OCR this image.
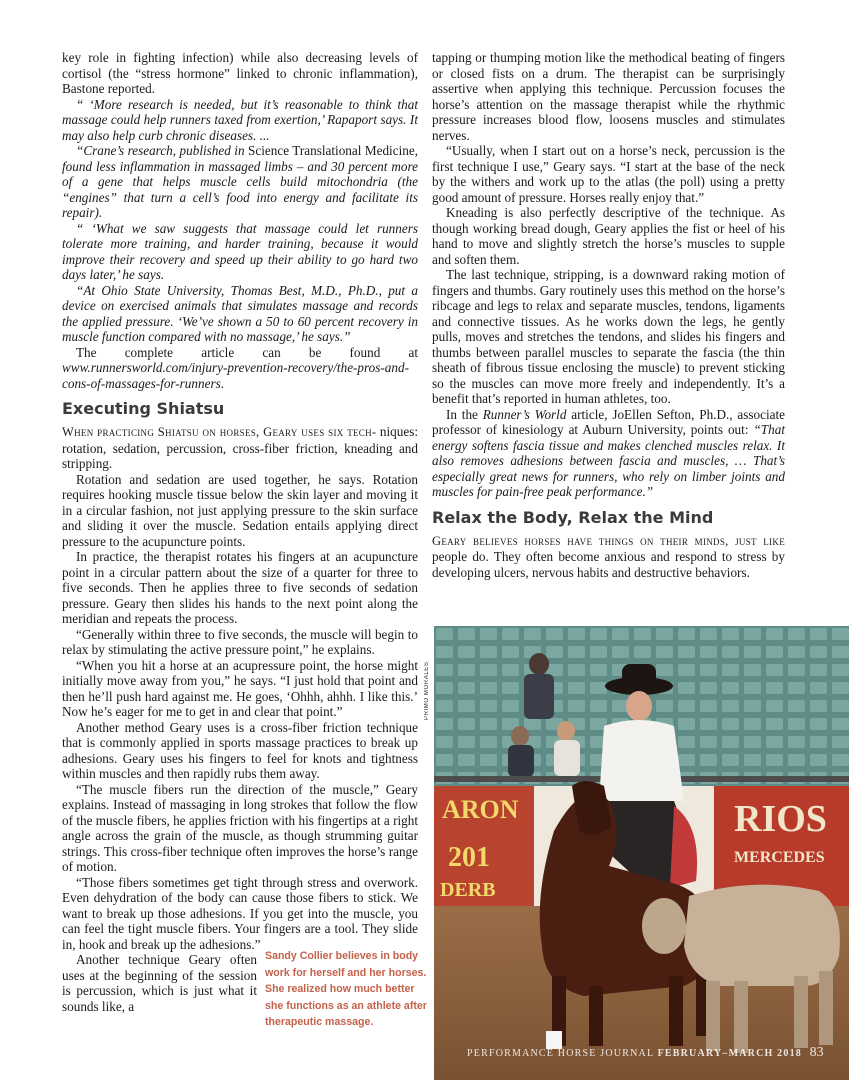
key role in fighting infection) while also decreasing levels of cortisol (the “stress hormone” linked to chronic inflammation), Bastone reported.

“ ‘More research is needed, but it’s reasonable to think that massage could help runners taxed from exertion,’ Rapaport says. It may also help curb chronic diseases. ...

“Crane’s research, published in Science Translational Medicine, found less inflammation in massaged limbs – and 30 percent more of a gene that helps muscle cells build mitochondria (the “engines” that turn a cell’s food into energy and facilitate its repair).

“ ‘What we saw suggests that massage could let runners tolerate more training, and harder training, because it would improve their recovery and speed up their ability to go hard two days later,’ he says.

“At Ohio State University, Thomas Best, M.D., Ph.D., put a device on exercised animals that simulates massage and records the applied pressure. ‘We’ve shown a 50 to 60 percent recovery in muscle function compared with no massage,’ he says.”

The complete article can be found at www.runnersworld.com/injury-prevention-recovery/the-pros-and-cons-of-massages-for-runners.

Executing Shiatsu

When practicing Shiatsu on horses, Geary uses six tech- niques: rotation, sedation, percussion, cross-fiber friction, kneading and stripping.

Rotation and sedation are used together, he says. Rotation requires hooking muscle tissue below the skin layer and moving it in a circular fashion, not just applying pressure to the skin surface and sliding it over the muscle. Sedation entails applying direct pressure to the acupuncture points.

In practice, the therapist rotates his fingers at an acupuncture point in a circular pattern about the size of a quarter for three to five seconds. Then he applies three to five seconds of sedation pressure. Geary then slides his hands to the next point along the meridian and repeats the process.

“Generally within three to five seconds, the muscle will begin to relax by stimulating the active pressure point,” he explains.

“When you hit a horse at an acupressure point, the horse might initially move away from you,” he says. “I just hold that point and then he’ll push hard against me. He goes, ‘Ohhh, ahhh. I like this.’ Now he’s eager for me to get in and clear that point.”

Another method Geary uses is a cross-fiber friction technique that is commonly applied in sports massage practices to break up adhesions. Geary uses his fingers to feel for knots and tightness within muscles and then rapidly rubs them away.

“The muscle fibers run the direction of the muscle,” Geary explains. Instead of massaging in long strokes that follow the flow of the muscle fibers, he applies friction with his fingertips at a right angle across the grain of the muscle, as though strumming guitar strings. This cross-fiber technique often improves the horse’s range of motion.

“Those fibers sometimes get tight through stress and overwork. Even dehydration of the body can cause those fibers to stick. We want to break up those adhesions. If you get into the muscle, you can feel the tight muscle fibers. Your fingers are a tool. They slide in, hook and break up the adhesions.”

Another technique Geary often uses at the beginning of the session is percussion, which is just what it sounds like, a

tapping or thumping motion like the methodical beating of fingers or closed fists on a drum. The therapist can be surprisingly assertive when applying this technique. Percussion focuses the horse’s attention on the massage therapist while the rhythmic pressure increases blood flow, loosens muscles and stimulates nerves.

“Usually, when I start out on a horse’s neck, percussion is the first technique I use,” Geary says. “I start at the base of the neck by the withers and work up to the atlas (the poll) using a pretty good amount of pressure. Horses really enjoy that.”

Kneading is also perfectly descriptive of the technique. As though working bread dough, Geary applies the fist or heel of his hand to move and slightly stretch the horse’s muscles to supple and soften them.

The last technique, stripping, is a downward raking motion of fingers and thumbs. Gary routinely uses this method on the horse’s ribcage and legs to relax and separate muscles, tendons, ligaments and connective tissues. As he works down the legs, he gently pulls, moves and stretches the tendons, and slides his fingers and thumbs between parallel muscles to separate the fascia (the thin sheath of fibrous tissue enclosing the muscle) to prevent sticking so the muscles can move more freely and independently. It’s a benefit that’s reported in human athletes, too.

In the Runner’s World article, JoEllen Sefton, Ph.D., associate professor of kinesiology at Auburn University, points out: “That energy softens fascia tissue and makes clenched muscles relax. It also removes adhesions between fascia and muscles, … That’s especially great news for runners, who rely on limber joints and muscles for pain-free peak performance.”

Relax the Body, Relax the Mind

Geary believes horses have things on their minds, just like people do. They often become anxious and respond to stress by developing ulcers, nervous habits and destructive behaviors.

PRIMO MORALES
ARON
201
DERB
RIOS
MERCEDES
Sandy Collier believes in body work for herself and her horses. She realized how much better she functions as an athlete after therapeutic massage.
PERFORMANCE HORSE JOURNAL FEBRUARY–MARCH 2018 83
